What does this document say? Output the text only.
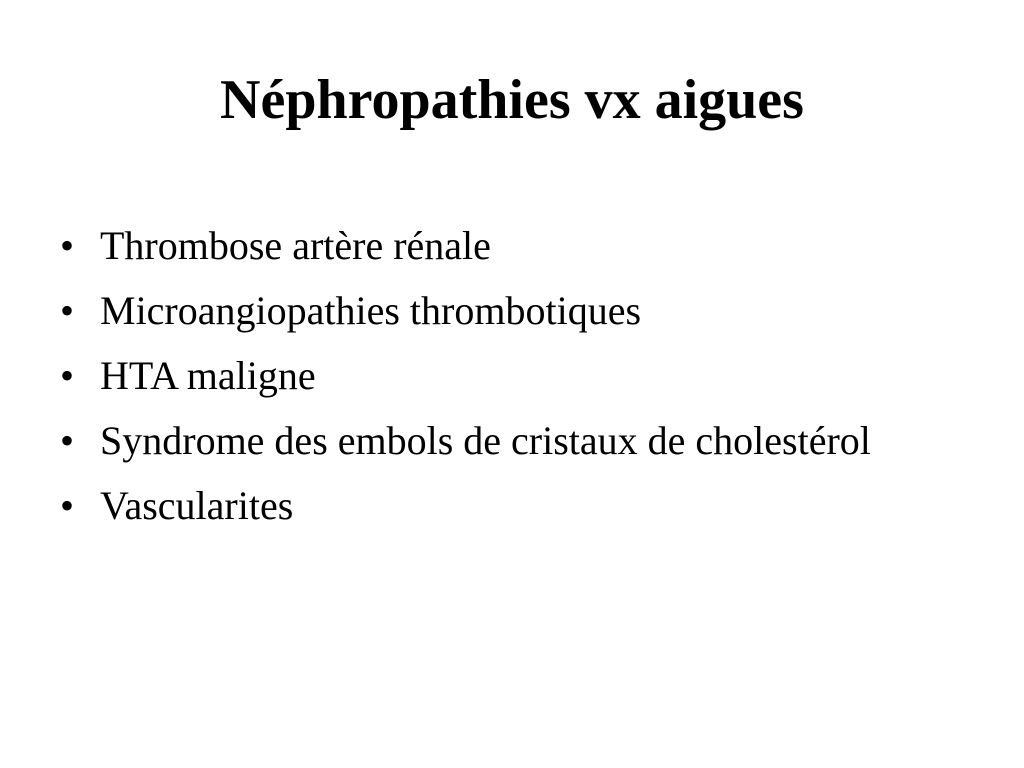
Néphropathies vx aigues
• Thrombose artère rénale
• Microangiopathies thrombotiques
• HTA maligne
• Syndrome des embols de cristaux de cholestérol
• Vascularites
